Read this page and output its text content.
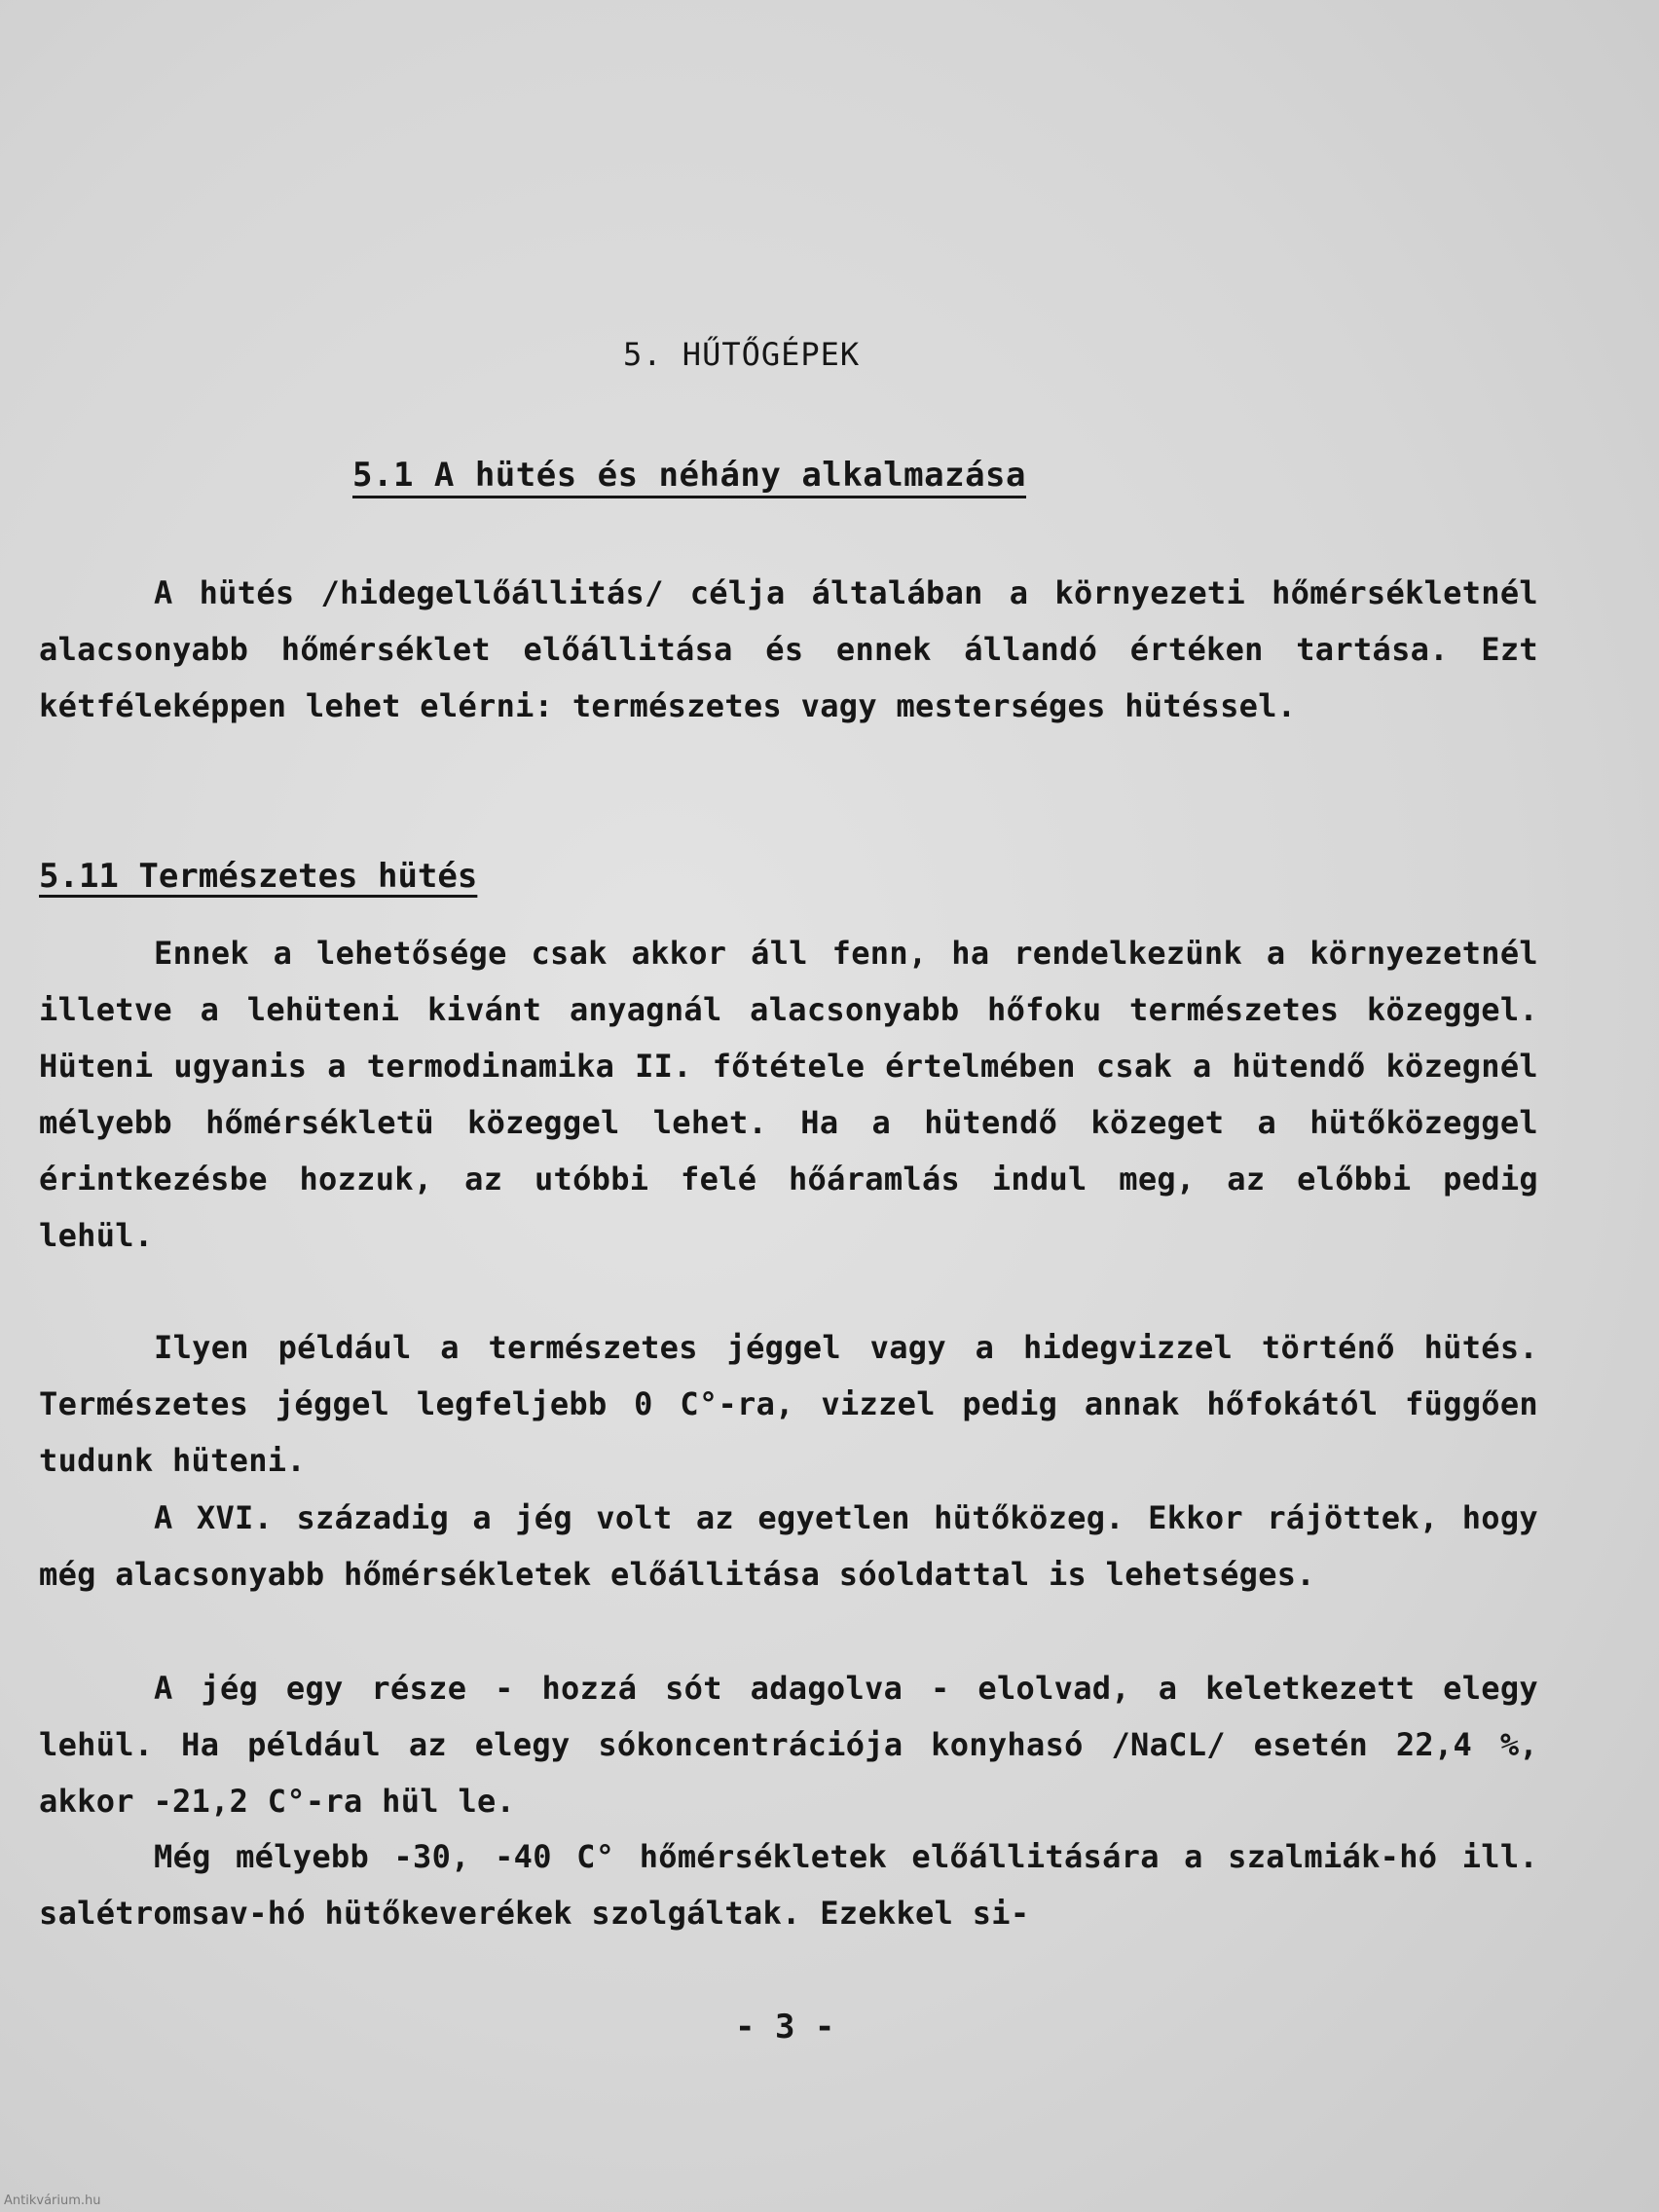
5. HŰTŐGÉPEK
5.1 A hütés és néhány alkalmazása

A hütés /hidegellőállitás/ célja általában a környezeti hőmérsékletnél alacsonyabb hőmérséklet előállitása és ennek állandó értéken tartása. Ezt kétféleképpen lehet elérni: természetes vagy mesterséges hütéssel.

5.11 Természetes hütés

Ennek a lehetősége csak akkor áll fenn, ha rendelkezünk a környezetnél illetve a lehüteni kivánt anyagnál alacsonyabb hőfoku természetes közeggel. Hüteni ugyanis a termodinamika II. főtétele értelmében csak a hütendő közegnél mélyebb hőmérsékletü közeggel lehet. Ha a hütendő közeget a hütőközeggel érintkezésbe hozzuk, az utóbbi felé hőáramlás indul meg, az előbbi pedig lehül.

Ilyen például a természetes jéggel vagy a hidegvizzel történő hütés. Természetes jéggel legfeljebb 0 C°-ra, vizzel pedig annak hőfokától függően tudunk hüteni.

A XVI. századig a jég volt az egyetlen hütőközeg. Ekkor rájöttek, hogy még alacsonyabb hőmérsékletek előállitása sóoldattal is lehetséges.

A jég egy része - hozzá sót adagolva - elolvad, a keletkezett elegy lehül. Ha például az elegy sókoncentrációja konyhasó /NaCL/ esetén 22,4 %, akkor -21,2 C°-ra hül le.

Még mélyebb -30, -40 C° hőmérsékletek előállitására a szalmiák-hó ill. salétromsav-hó hütőkeverékek szolgáltak. Ezekkel si-

- 3 -
Antikvárium.hu
